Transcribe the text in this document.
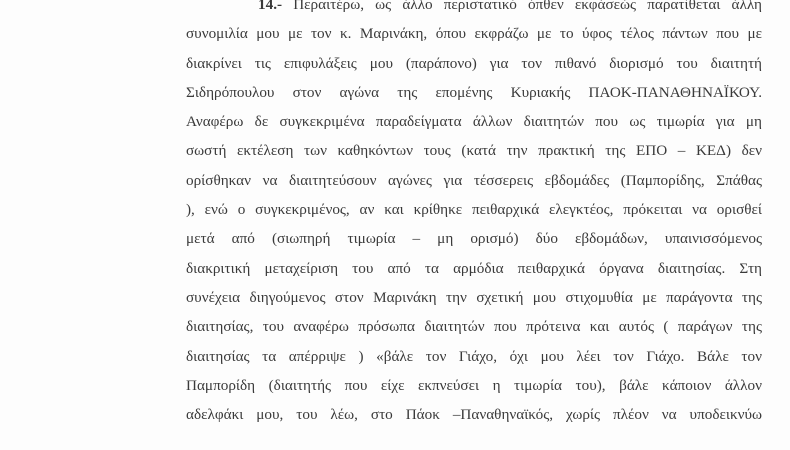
14.- Περαιτέρω, ως άλλο περιστατικό όπθεν εκφάσεώς παρατίθεται άλλη
συνομιλία μου με τον κ. Μαρινάκη, όπου εκφράζω με το ύφος τέλος πάντων που με
διακρίνει τις επιφυλάξεις μου (παράπονο) για τον πιθανό διορισμό του διαιτητή
Σιδηρόπουλου στον αγώνα της επομένης Κυριακής ΠΑΟΚ-ΠΑΝΑΘΗΝΑΪΚΟΥ.
Αναφέρω δε συγκεκριμένα παραδείγματα άλλων διαιτητών που ως τιμωρία για μη
σωστή εκτέλεση των καθηκόντων τους (κατά την πρακτική της ΕΠΟ – ΚΕΔ) δεν
ορίσθηκαν να διαιτητεύσουν αγώνες για τέσσερεις εβδομάδες (Παμπορίδης, Σπάθας
), ενώ ο συγκεκριμένος, αν και κρίθηκε πειθαρχικά ελεγκτέος, πρόκειται να ορισθεί
μετά από (σιωπηρή τιμωρία – μη ορισμό) δύο εβδομάδων, υπαινισσόμενος
διακριτική μεταχείριση του από τα αρμόδια πειθαρχικά όργανα διαιτησίας. Στη
συνέχεια διηγούμενος στον Μαρινάκη την σχετική μου στιχομυθία με παράγοντα της
διαιτησίας, του αναφέρω πρόσωπα διαιτητών που πρότεινα και αυτός ( παράγων της
διαιτησίας τα απέρριψε ) «βάλε τον Γιάχο, όχι μου λέει τον Γιάχο. Βάλε τον
Παμπορίδη (διαιτητής που είχε εκπνεύσει η τιμωρία του), βάλε κάποιον άλλον
αδελφάκι μου, του λέω, στο Πάοκ –Παναθηναϊκός, χωρίς πλέον να υποδεικνύω
